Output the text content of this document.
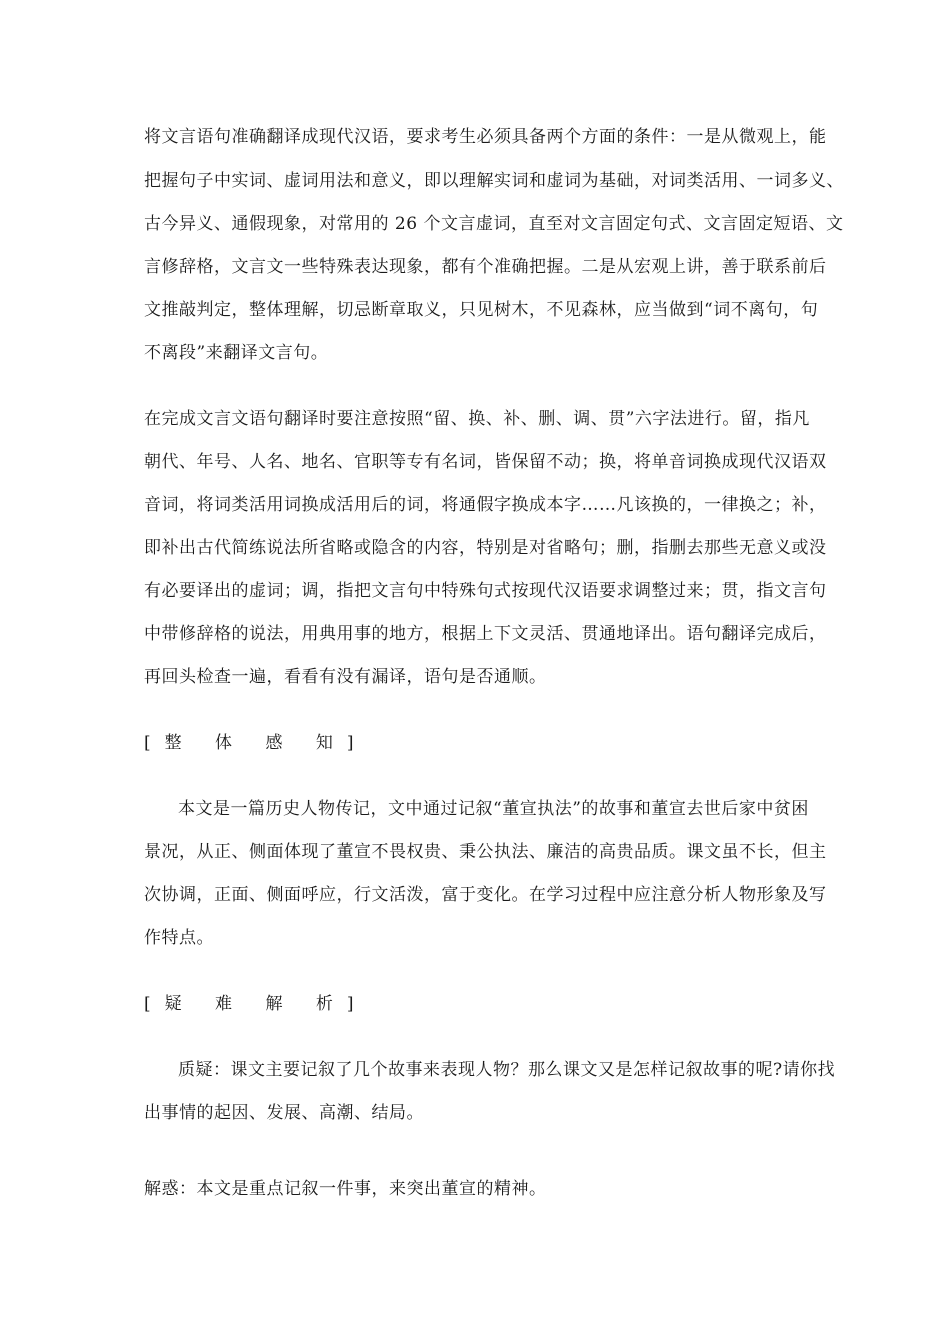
将文言语句准确翻译成现代汉语，要求考生必须具备两个方面的条件：一是从微观上，能
把握句子中实词、虚词用法和意义，即以理解实词和虚词为基础，对词类活用、一词多义、
古今异义、通假现象，对常用的 26 个文言虚词，直至对文言固定句式、文言固定短语、文
言修辞格，文言文一些特殊表达现象，都有个准确把握。二是从宏观上讲，善于联系前后
文推敲判定，整体理解，切忌断章取义，只见树木，不见森林，应当做到“词不离句，句
不离段”来翻译文言句。
在完成文言文语句翻译时要注意按照“留、换、补、删、调、贯”六字法进行。留，指凡
朝代、年号、人名、地名、官职等专有名词，皆保留不动；换，将单音词换成现代汉语双
音词，将词类活用词换成活用后的词，将通假字换成本字……凡该换的，一律换之；补，
即补出古代简练说法所省略或隐含的内容，特别是对省略句；删，指删去那些无意义或没
有必要译出的虚词；调，指把文言句中特殊句式按现代汉语要求调整过来；贯，指文言句
中带修辞格的说法，用典用事的地方，根据上下文灵活、贯通地译出。语句翻译完成后，
再回头检查一遍，看看有没有漏译，语句是否通顺。
[整 体 感 知]
本文是一篇历史人物传记，文中通过记叙“董宣执法”的故事和董宣去世后家中贫困
景况，从正、侧面体现了董宣不畏权贵、秉公执法、廉洁的高贵品质。课文虽不长，但主
次协调，正面、侧面呼应，行文活泼，富于变化。在学习过程中应注意分析人物形象及写
作特点。
[疑 难 解 析]
质疑：课文主要记叙了几个故事来表现人物？那么课文又是怎样记叙故事的呢?请你找
出事情的起因、发展、高潮、结局。
解惑：本文是重点记叙一件事，来突出董宣的精神。
